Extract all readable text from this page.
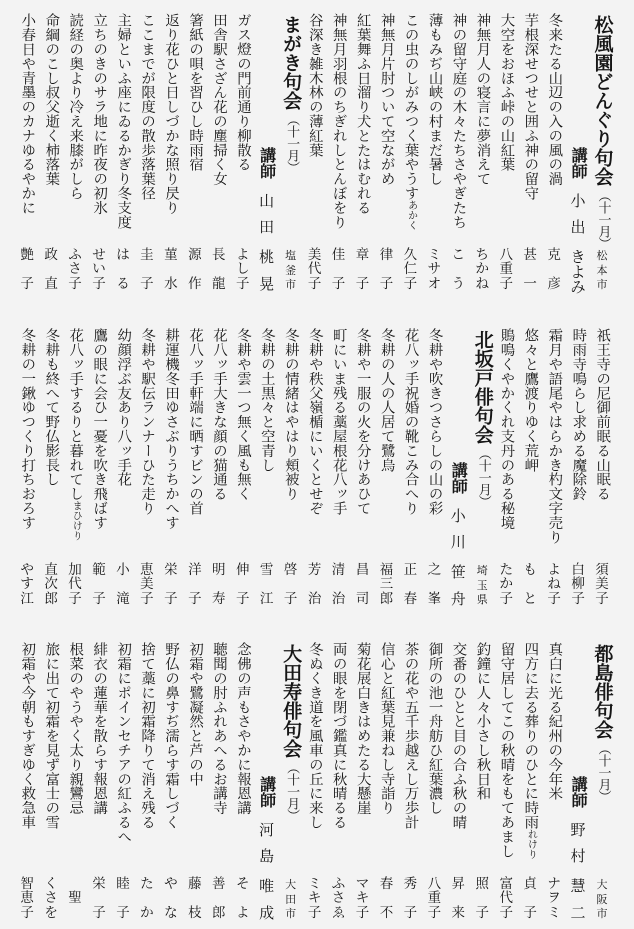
松風園どんぐり句会（十一月）
松
本
市
講師
小
出
き
よ
み
冬来たる山辺の入の風の渦
克
彦
芋根深せつせと囲ふ神の留守
甚
一
大空をおほふ峠の山紅葉
八
重
子
神無月人の寝言に夢消えて
ち
か
ね
神の留守庭の木々たちさやぎたち
こ
う
薄もみぢ山峡の村まだ暑し
ミ
サ
オ
この虫のしがみつく葉やうすあかく
久
仁
子
神無月片肘ついて空ながめ
律
子
紅葉舞ふ日溜り犬とたはむれる
章
子
神無月羽根のちぎれしとんぼをり
佳
子
谷深き雑木林の薄紅葉
美
代
子
まがき句会（十一月）
塩
釜
市
講師
山
田
桃
晃
ガス燈の門前通り柳散る
よ
し
子
田舎駅さざん花の塵掃く女
長
龍
箸紙の唄を習ひし時雨宿
源
作
返り花ひと日しづかな照り昃り
菫
水
ここまでが限度の散歩落葉径
圭
子
主婦といふ座にゐるかぎり冬支度
は
る
立ちのきのサラ地に昨夜の初氷
せ
い
子
読経の奥より冷え来膝がしら
ふ
さ
子
命綱のこし叔父逝く柿落葉
政
直
小春日や青墨のカナゆるやかに
艶
子
祇王寺の尼御前眠る山眠る
須
美
子
時雨寺鳴らし求める魔除鈴
白
柳
子
霜月や語尾やはらかき杓文字売り
よ
ね
子
悠々と鷹渡りゆく荒岬
も
と
鵙鳴くやかくれ支丹のある秘境
た
か
子
北坂戸俳句会（十一月）
埼
玉
県
講師
小
川
笹
舟
冬耕や吹きつさらしの山の彩
之
峯
花八ッ手祝婚の靴こみ合へり
正
春
冬耕の人の人居て鷺烏
福
三
郎
冬耕や一服の火を分けあひて
昌
司
町にいま残る藁屋根花八ッ手
清
治
冬耕や秩父嶺楯にいくとせぞ
芳
治
冬耕の情緒はやはり頬被り
啓
子
冬耕の土黒々と空青し
雪
江
冬耕や雲一つ無く風も無く
伸
子
花八ッ手大きな顔の猫通る
明
寿
花八ッ手軒端に晒すビンの首
洋
子
耕運機冬田ゆさぶりうちかへす
栄
子
冬耕や駅伝ランナーひた走り
恵
美
子
幼顔浮ぶ友あり八ッ手花
小
滝
鷹の眼に会ひ一憂を吹き飛ばす
範
子
花八ッ手するりと暮れてしまひけり
加
代
子
冬耕も終へて野仏影長し
直
次
郎
冬耕の一鍬ゆつくり打ちおろす
や
す
江
都島俳句会（十一月）
大
阪
市
講師
野
村
慧
二
真白に光る紀州の今年米
ナ
ヲ
ミ
四方に去る葬りのひとに時雨れけり
貞
子
留守居してこの秋晴をもてあまし
富
代
子
釣鐘に人々小さし秋日和
照
子
交番のひとと目の合ふ秋の晴
昇
来
御所の池一舟舫ひ紅葉濃し
八
重
子
茶の花や五千歩越えし万歩計
秀
子
信心と紅葉見兼ねし寺詣り
春
不
菊花展白きはめたる大懸崖
マ
キ
子
両の眼を閉づ鑑真に秋晴るる
ふ
さ
ゑ
冬ぬくき道を風車の丘に来し
ミ
キ
子
大田寿俳句会（十一月）
大
田
市
講師
河
島
唯
成
念佛の声もさやかに報恩講
そ
よ
聴聞の肘ふれあへるお講寺
善
郎
初霜や鷺凝然と芦の中
藤
枝
野仏の鼻すぢ濡らす霜しづく
や
な
捨て藁に初霜降りて消え残る
た
か
初霜にポインセチアの紅ふるへ
睦
子
緋衣の蓮華を散らす報恩講
栄
子
根菜のやうやく太り親鸞忌
聖
旅に出て初霜を見ず富士の雪
く
さ
を
初霜や今朝もすぎゆく救急車
智
恵
子
